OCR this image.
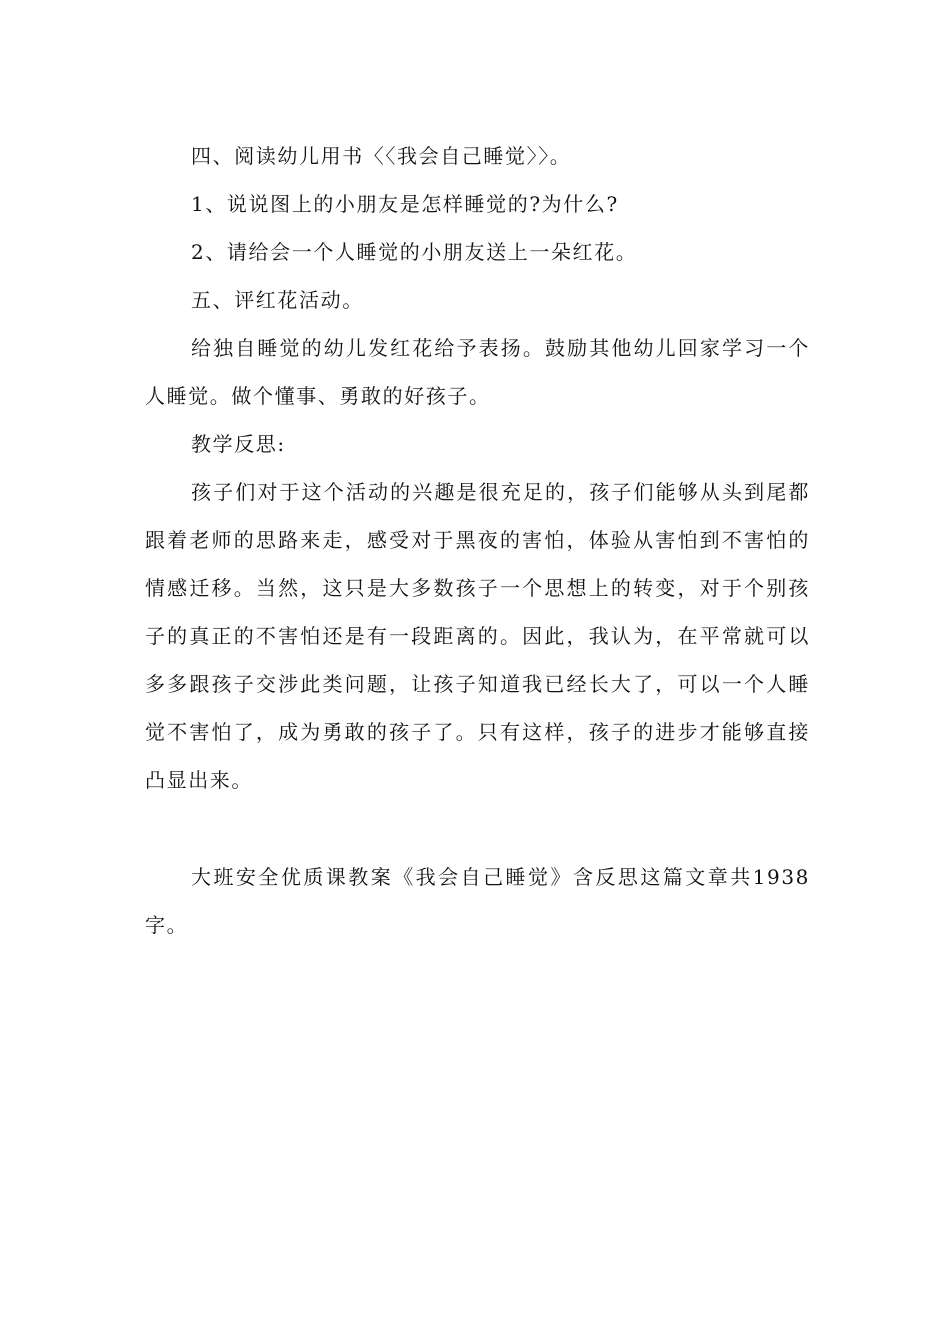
四、阅读幼儿用书〈〈我会自己睡觉〉〉。

1、说说图上的小朋友是怎样睡觉的?为什么?

2、请给会一个人睡觉的小朋友送上一朵红花。

五、评红花活动。

给独自睡觉的幼儿发红花给予表扬。鼓励其他幼儿回家学习一个人睡觉。做个懂事、勇敢的好孩子。

教学反思:

孩子们对于这个活动的兴趣是很充足的，孩子们能够从头到尾都跟着老师的思路来走，感受对于黑夜的害怕，体验从害怕到不害怕的情感迁移。当然，这只是大多数孩子一个思想上的转变，对于个别孩子的真正的不害怕还是有一段距离的。因此，我认为，在平常就可以多多跟孩子交涉此类问题，让孩子知道我已经长大了，可以一个人睡觉不害怕了，成为勇敢的孩子了。只有这样，孩子的进步才能够直接凸显出来。

大班安全优质课教案《我会自己睡觉》含反思这篇文章共1938字。
